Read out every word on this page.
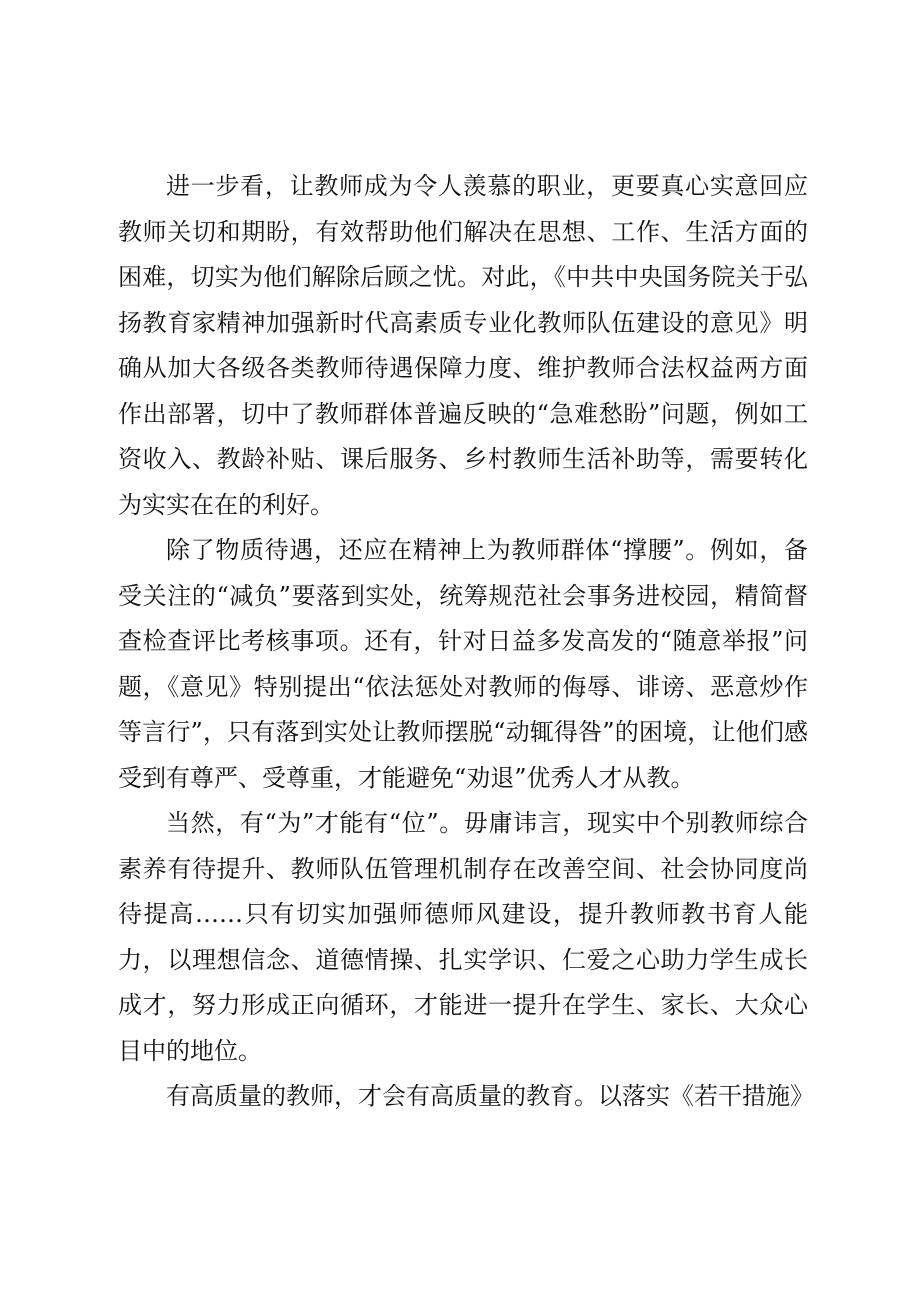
进一步看，让教师成为令人羡慕的职业，更要真心实意回应教师关切和期盼，有效帮助他们解决在思想、工作、生活方面的困难，切实为他们解除后顾之忧。对此，《中共中央国务院关于弘扬教育家精神加强新时代高素质专业化教师队伍建设的意见》明确从加大各级各类教师待遇保障力度、维护教师合法权益两方面作出部署，切中了教师群体普遍反映的“急难愁盼”问题，例如工资收入、教龄补贴、课后服务、乡村教师生活补助等，需要转化为实实在在的利好。

除了物质待遇，还应在精神上为教师群体“撑腰”。例如，备受关注的“减负”要落到实处，统筹规范社会事务进校园，精简督查检查评比考核事项。还有，针对日益多发高发的“随意举报”问题，《意见》特别提出“依法惩处对教师的侮辱、诽谤、恶意炒作等言行”，只有落到实处让教师摆脱“动辄得咎”的困境，让他们感受到有尊严、受尊重，才能避免“劝退”优秀人才从教。

当然，有“为”才能有“位”。毋庸讳言，现实中个别教师综合素养有待提升、教师队伍管理机制存在改善空间、社会协同度尚待提高……只有切实加强师德师风建设，提升教师教书育人能力，以理想信念、道德情操、扎实学识、仁爱之心助力学生成长成才，努力形成正向循环，才能进一提升在学生、家长、大众心目中的地位。

有高质量的教师，才会有高质量的教育。以落实《若干措施》
